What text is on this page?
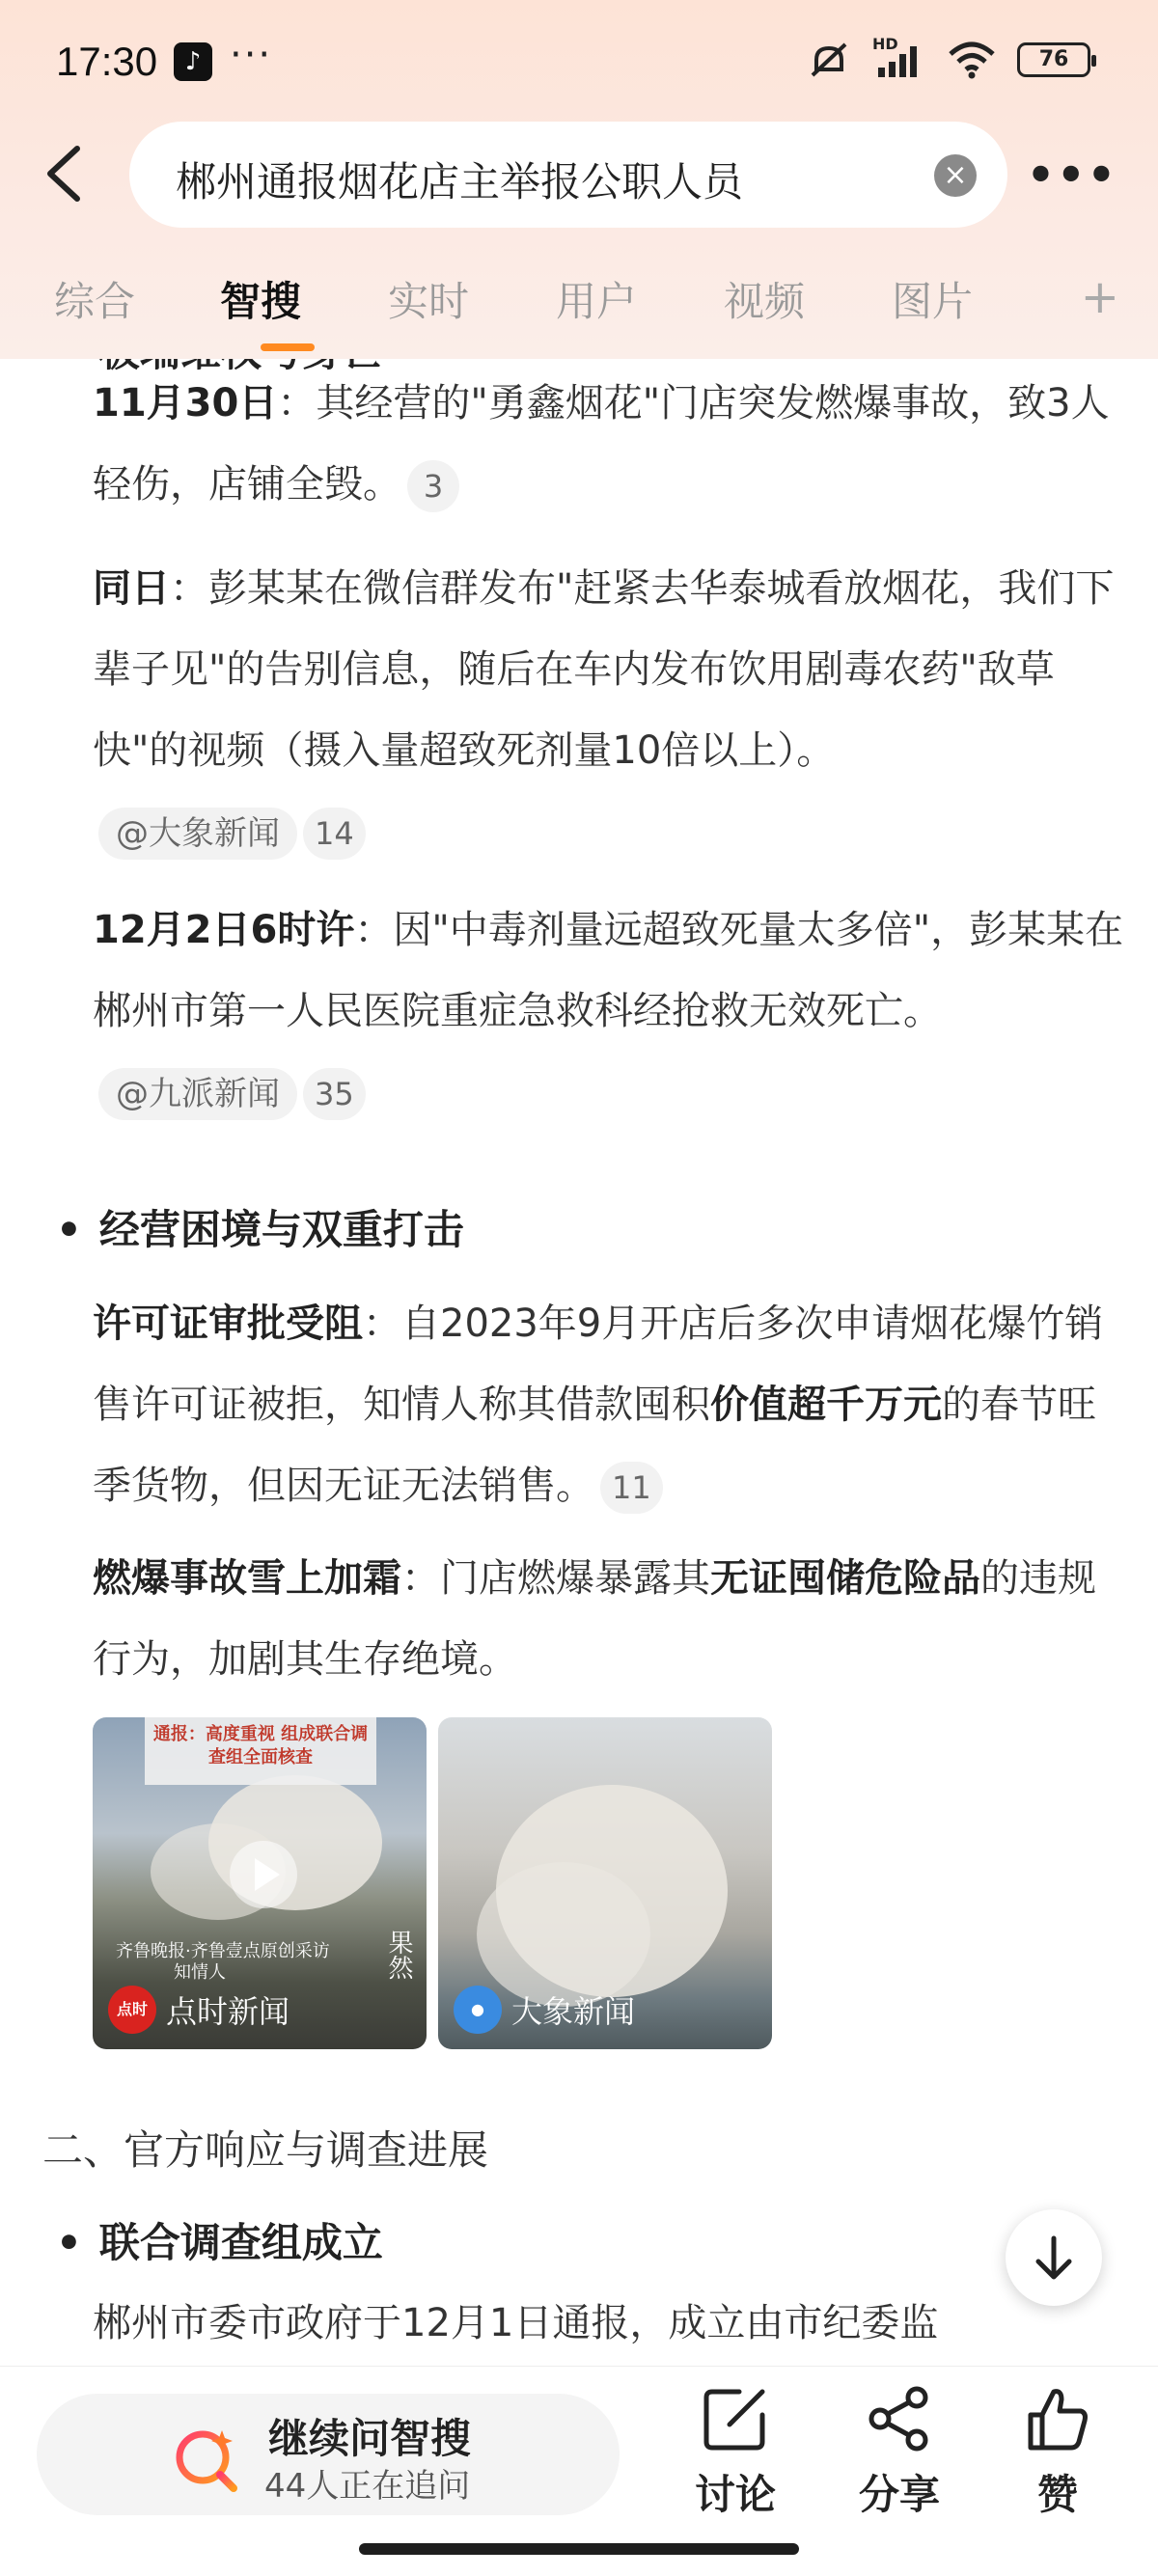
17:30	♪ ···	HD
76
郴州通报烟花店主举报公职人员	× •••
综合 智搜 实时 用户 视频 图片 +
•
11月30日：其经营的"勇鑫烟花"门店突发燃爆事故，致3人轻伤，店铺全毁。 3
同日：彭某某在微信群发布"赶紧去华泰城看放烟花，我们下辈子见"的告别信息，随后在车内发布饮用剧毒农药"敌草快"的视频（摄入量超致死剂量10倍以上）。
@大象新闻 14
12月2日6时许：因"中毒剂量远超致死量太多倍"，彭某某在郴州市第一人民医院重症急救科经抢救无效死亡。@九派新闻 35
• 经营困境与双重打击
许可证审批受阻：自2023年9月开店后多次申请烟花爆竹销售许可证被拒，知情人称其借款囤积价值超千万元的春节旺季货物，但因无证无法销售。 11
燃爆事故雪上加霜：门店燃爆暴露其无证囤储危险品的违规行为，加剧其生存绝境。
通报：高度重视 组成联合调查组全面核查
齐鲁晚报·齐鲁壹点原创采访
知情人	果然
点时 点时新闻	● 大象新闻
二、官方响应与调查进展
• 联合调查组成立
郴州市委市政府于12月1日通报，成立由市纪委监
继续问智搜
44人正在追问	讨论	分享	赞
